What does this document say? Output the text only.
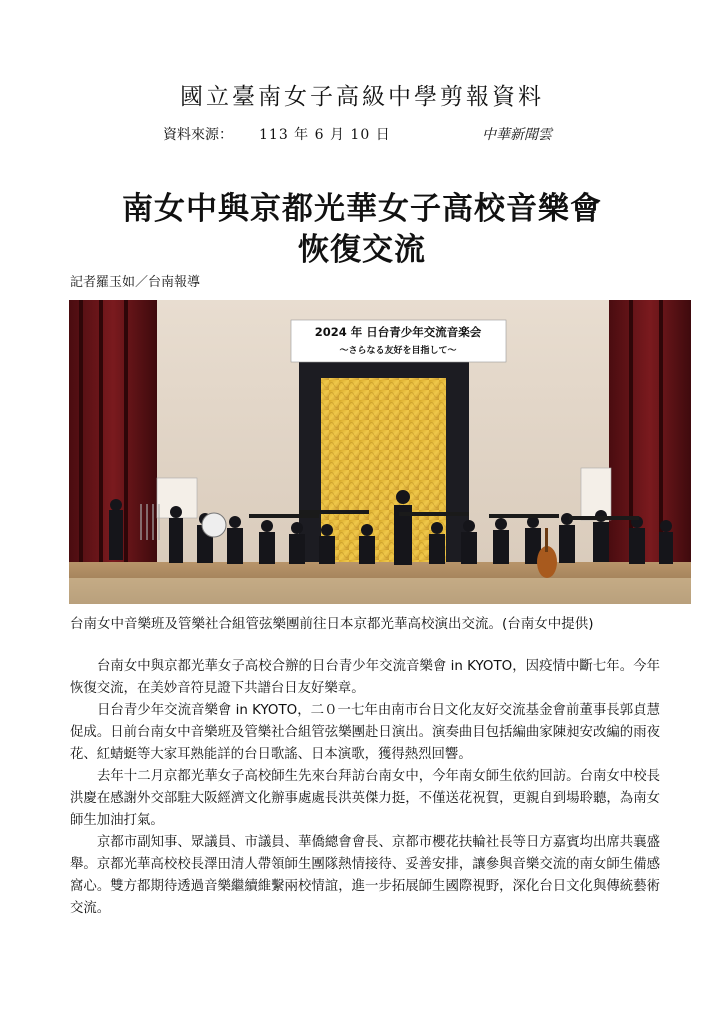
國立臺南女子高級中學剪報資料
資料來源： 113 年 6 月 10 日	中華新聞雲
南女中與京都光華女子高校音樂會
恢復交流
記者羅玉如／台南報導
2024 年 日台青少年交流音楽会
～さらなる友好を目指して～
台南女中音樂班及管樂社合組管弦樂團前往日本京都光華高校演出交流。(台南女中提供)

台南女中與京都光華女子高校合辦的日台青少年交流音樂會 in KYOTO，因疫情中斷七年。今年恢復交流，在美妙音符見證下共譜台日友好樂章。

日台青少年交流音樂會 in KYOTO，二０一七年由南市台日文化友好交流基金會前董事長郭貞慧促成。日前台南女中音樂班及管樂社合組管弦樂團赴日演出。演奏曲目包括編曲家陳昶安改編的雨夜花、紅蜻蜓等大家耳熟能詳的台日歌謠、日本演歌，獲得熱烈回響。

去年十二月京都光華女子高校師生先來台拜訪台南女中，今年南女師生依約回訪。台南女中校長洪慶在感謝外交部駐大阪經濟文化辦事處處長洪英傑力挺，不僅送花祝賀，更親自到場聆聽，為南女師生加油打氣。

京都市副知事、眾議員、市議員、華僑總會會長、京都市櫻花扶輪社長等日方嘉賓均出席共襄盛舉。京都光華高校校長澤田清人帶領師生團隊熱情接待、妥善安排，讓參與音樂交流的南女師生備感窩心。雙方都期待透過音樂繼續維繫兩校情誼，進一步拓展師生國際視野，深化台日文化與傳統藝術交流。
